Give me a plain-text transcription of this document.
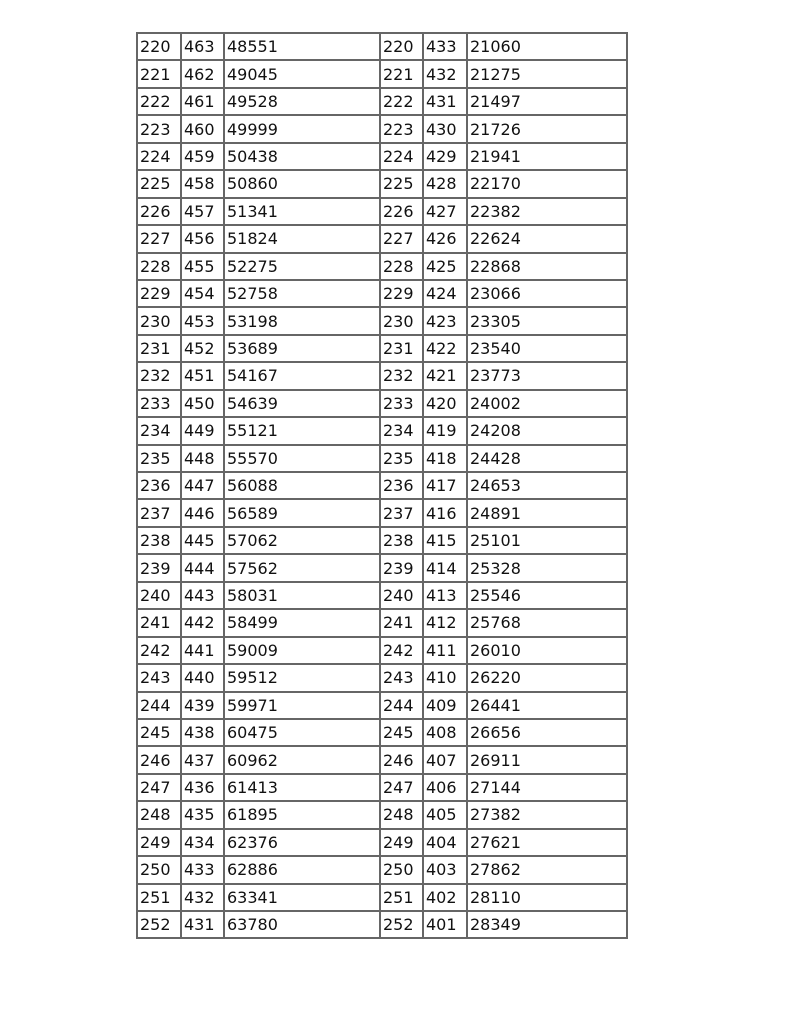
220	463	48551	220	433	21060
221	462	49045	221	432	21275
222	461	49528	222	431	21497
223	460	49999	223	430	21726
224	459	50438	224	429	21941
225	458	50860	225	428	22170
226	457	51341	226	427	22382
227	456	51824	227	426	22624
228	455	52275	228	425	22868
229	454	52758	229	424	23066
230	453	53198	230	423	23305
231	452	53689	231	422	23540
232	451	54167	232	421	23773
233	450	54639	233	420	24002
234	449	55121	234	419	24208
235	448	55570	235	418	24428
236	447	56088	236	417	24653
237	446	56589	237	416	24891
238	445	57062	238	415	25101
239	444	57562	239	414	25328
240	443	58031	240	413	25546
241	442	58499	241	412	25768
242	441	59009	242	411	26010
243	440	59512	243	410	26220
244	439	59971	244	409	26441
245	438	60475	245	408	26656
246	437	60962	246	407	26911
247	436	61413	247	406	27144
248	435	61895	248	405	27382
249	434	62376	249	404	27621
250	433	62886	250	403	27862
251	432	63341	251	402	28110
252	431	63780	252	401	28349
